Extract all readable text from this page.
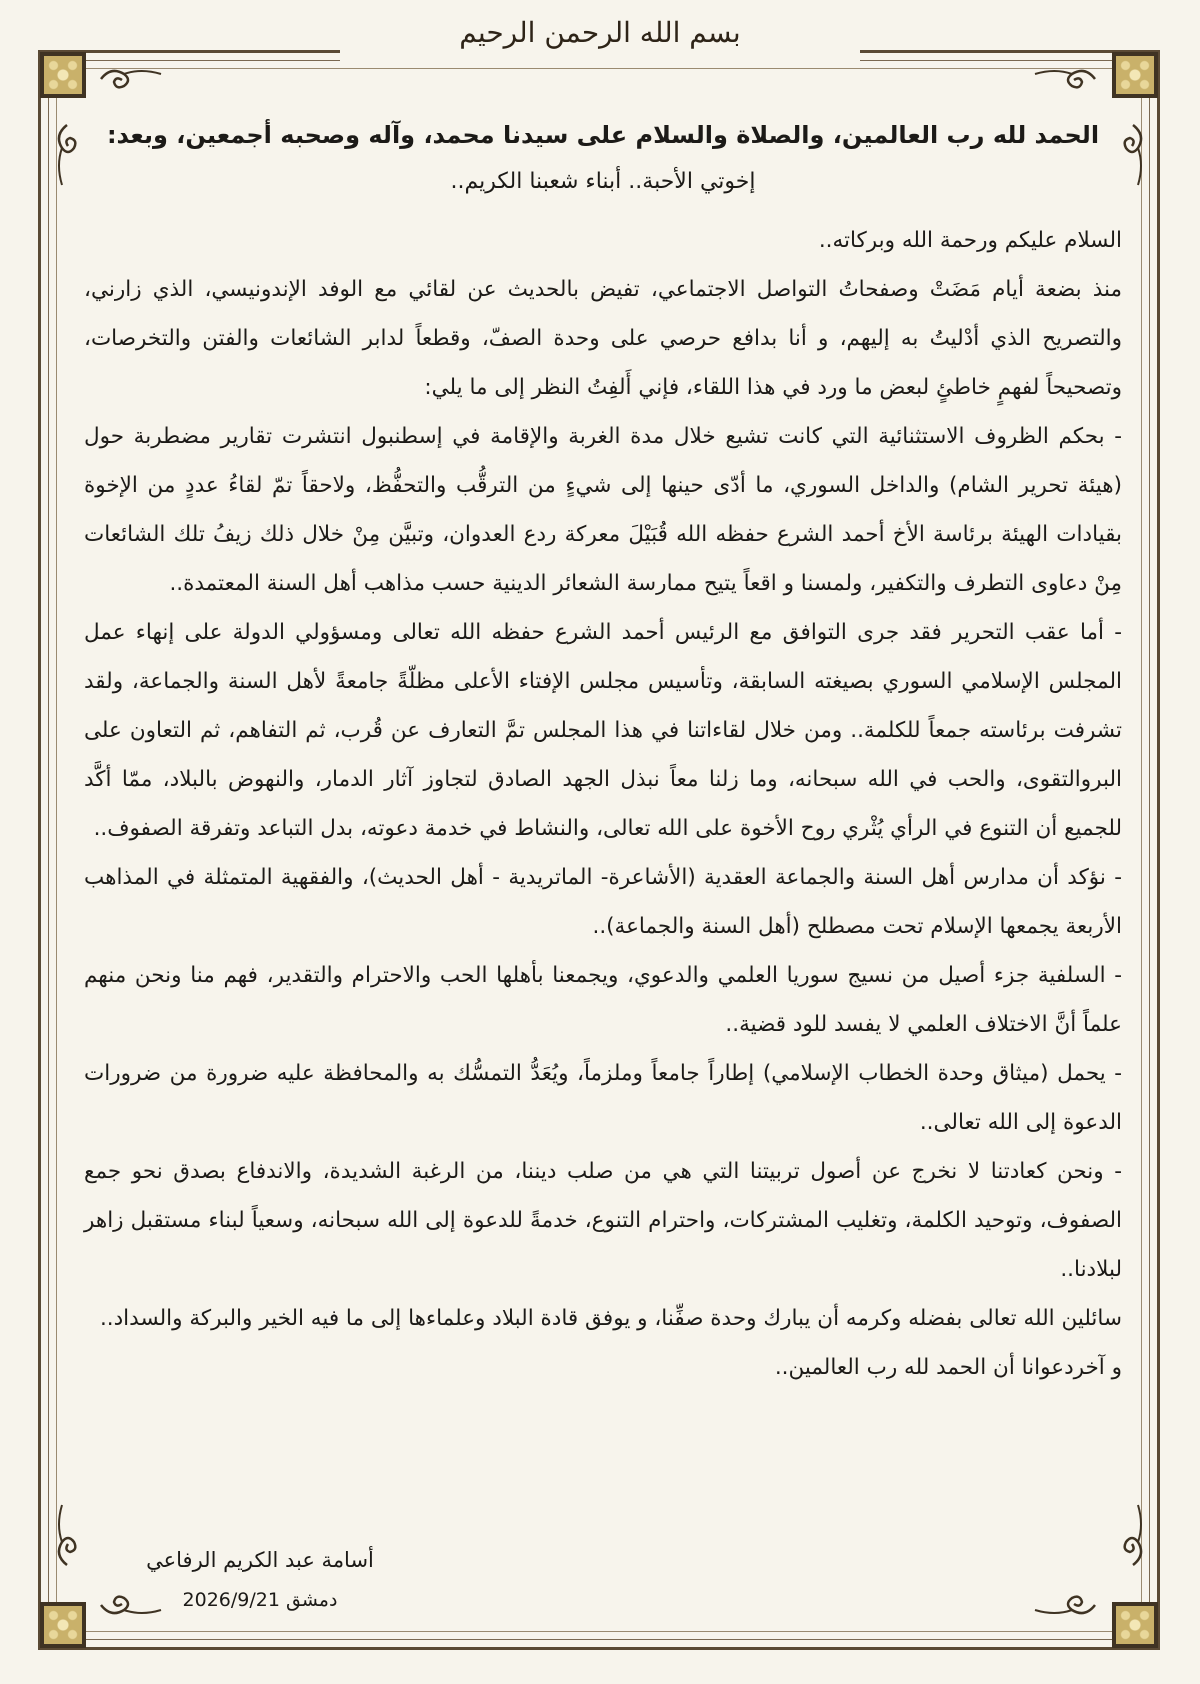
بسم الله الرحمن الرحيم

الحمد لله رب العالمين، والصلاة والسلام على سيدنا محمد، وآله وصحبه أجمعين، وبعد:

إخوتي الأحبة.. أبناء شعبنا الكريم..

السلام عليكم ورحمة الله وبركاته..

منذ بضعة أيام مَضَتْ وصفحاتُ التواصل الاجتماعي، تفيض بالحديث عن لقائي مع الوفد الإندونيسي، الذي زارني، والتصريح الذي أدْليتُ به إليهم، و أنا بدافع حرصي على وحدة الصفّ، وقطعاً لدابر الشائعات والفتن والتخرصات، وتصحيحاً لفهمٍ خاطئٍ لبعض ما ورد في هذا اللقاء، فإني أَلفِتُ النظر إلى ما يلي:

- بحكم الظروف الاستثنائية التي كانت تشيع خلال مدة الغربة والإقامة في إسطنبول انتشرت تقارير مضطربة حول (هيئة تحرير الشام) والداخل السوري، ما أدّى حينها إلى شيءٍ من الترقُّب والتحفُّظ، ولاحقاً تمّ لقاءُ عددٍ من الإخوة بقيادات الهيئة برئاسة الأخ أحمد الشرع حفظه الله قُبَيْلَ معركة ردع العدوان، وتبيَّن مِنْ خلال ذلك زيفُ تلك الشائعات مِنْ دعاوى التطرف والتكفير، ولمسنا و اقعاً يتيح ممارسة الشعائر الدينية حسب مذاهب أهل السنة المعتمدة..

- أما عقب التحرير فقد جرى التوافق مع الرئيس أحمد الشرع حفظه الله تعالى ومسؤولي الدولة على إنهاء عمل المجلس الإسلامي السوري بصيغته السابقة، وتأسيس مجلس الإفتاء الأعلى مظلّةً جامعةً لأهل السنة والجماعة، ولقد تشرفت برئاسته جمعاً للكلمة.. ومن خلال لقاءاتنا في هذا المجلس تمَّ التعارف عن قُرب، ثم التفاهم، ثم التعاون على البروالتقوى، والحب في الله سبحانه، وما زلنا معاً نبذل الجهد الصادق لتجاوز آثار الدمار، والنهوض بالبلاد، ممّا أكَّد للجميع أن التنوع في الرأي يُثْري روح الأخوة على الله تعالى، والنشاط في خدمة دعوته، بدل التباعد وتفرقة الصفوف..

- نؤكد أن مدارس أهل السنة والجماعة العقدية (الأشاعرة- الماتريدية - أهل الحديث)، والفقهية المتمثلة في المذاهب الأربعة يجمعها الإسلام تحت مصطلح (أهل السنة والجماعة)..

- السلفية جزء أصيل من نسيج سوريا العلمي والدعوي، ويجمعنا بأهلها الحب والاحترام والتقدير، فهم منا ونحن منهم علماً أنَّ الاختلاف العلمي لا يفسد للود قضية..

- يحمل (ميثاق وحدة الخطاب الإسلامي) إطاراً جامعاً وملزماً، ويُعَدُّ التمسُّك به والمحافظة عليه ضرورة من ضرورات الدعوة إلى الله تعالى..

- ونحن كعادتنا لا نخرج عن أصول تربيتنا التي هي من صلب ديننا، من الرغبة الشديدة، والاندفاع بصدق نحو جمع الصفوف، وتوحيد الكلمة، وتغليب المشتركات، واحترام التنوع، خدمةً للدعوة إلى الله سبحانه، وسعياً لبناء مستقبل زاهر لبلادنا..

سائلين الله تعالى بفضله وكرمه أن يبارك وحدة صفِّنا، و يوفق قادة البلاد وعلماءها إلى ما فيه الخير والبركة والسداد..

و آخردعوانا أن الحمد لله رب العالمين..

أسامة عبد الكريم الرفاعي
دمشق 2026/9/21
